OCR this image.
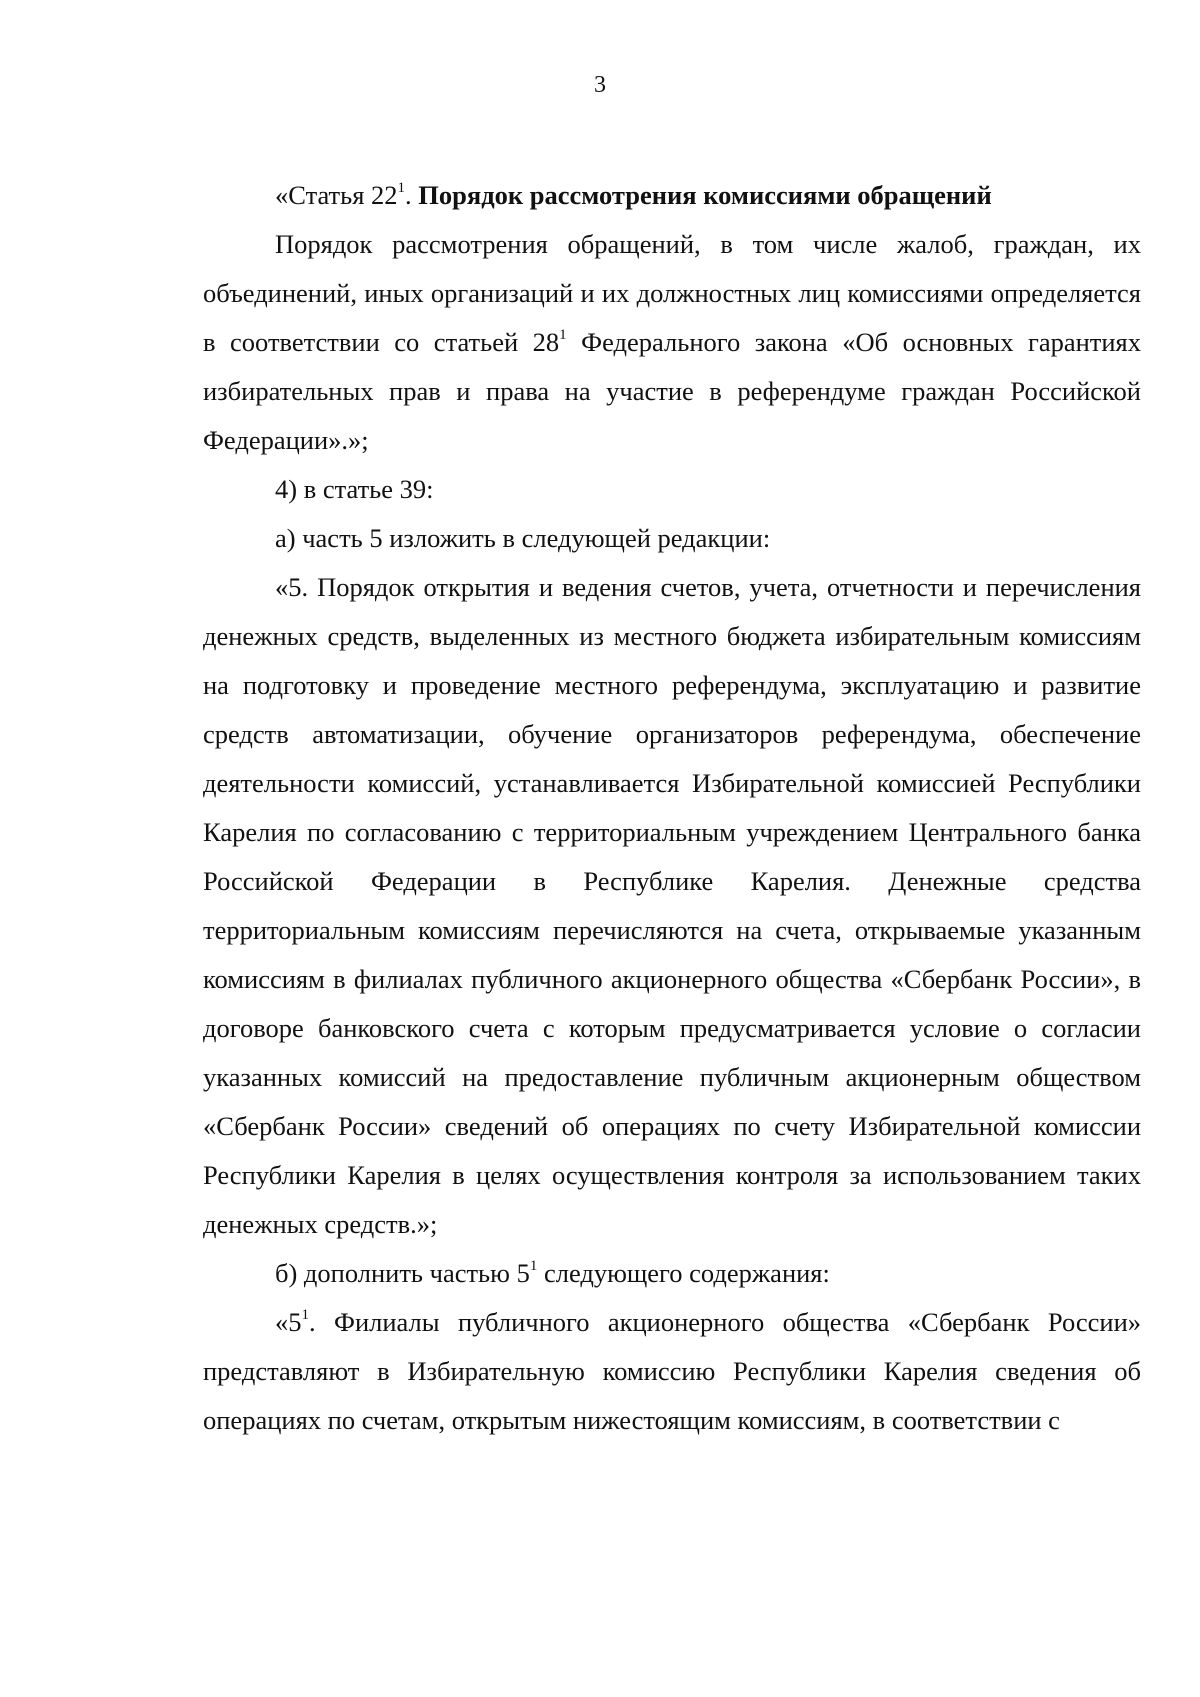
3

«Статья $22^1$. Порядок рассмотрения комиссиями обращений

Порядок рассмотрения обращений, в том числе жалоб, граждан, их объединений, иных организаций и их должностных лиц комиссиями определяется в соответствии со статьей $28^1$ Федерального закона «Об основных гарантиях избирательных прав и права на участие в референдуме граждан Российской Федерации».»;

4) в статье 39:

а) часть 5 изложить в следующей редакции:

«5. Порядок открытия и ведения счетов, учета, отчетности и перечисления денежных средств, выделенных из местного бюджета избирательным комиссиям на подготовку и проведение местного референдума, эксплуатацию и развитие средств автоматизации, обучение организаторов референдума, обеспечение деятельности комиссий, устанавливается Избирательной комиссией Республики Карелия по согласованию с территориальным учреждением Центрального банка Российской Федерации в Республике Карелия. Денежные средства территориальным комиссиям перечисляются на счета, открываемые указанным комиссиям в филиалах публичного акционерного общества «Сбербанк России», в договоре банковского счета с которым предусматривается условие о согласии указанных комиссий на предоставление публичным акционерным обществом «Сбербанк России» сведений об операциях по счету Избирательной комиссии Республики Карелия в целях осуществления контроля за использованием таких денежных средств.»;

б) дополнить частью $5^1$ следующего содержания:

«$5^1$. Филиалы публичного акционерного общества «Сбербанк России» представляют в Избирательную комиссию Республики Карелия сведения об операциях по счетам, открытым нижестоящим комиссиям, в соответствии с
